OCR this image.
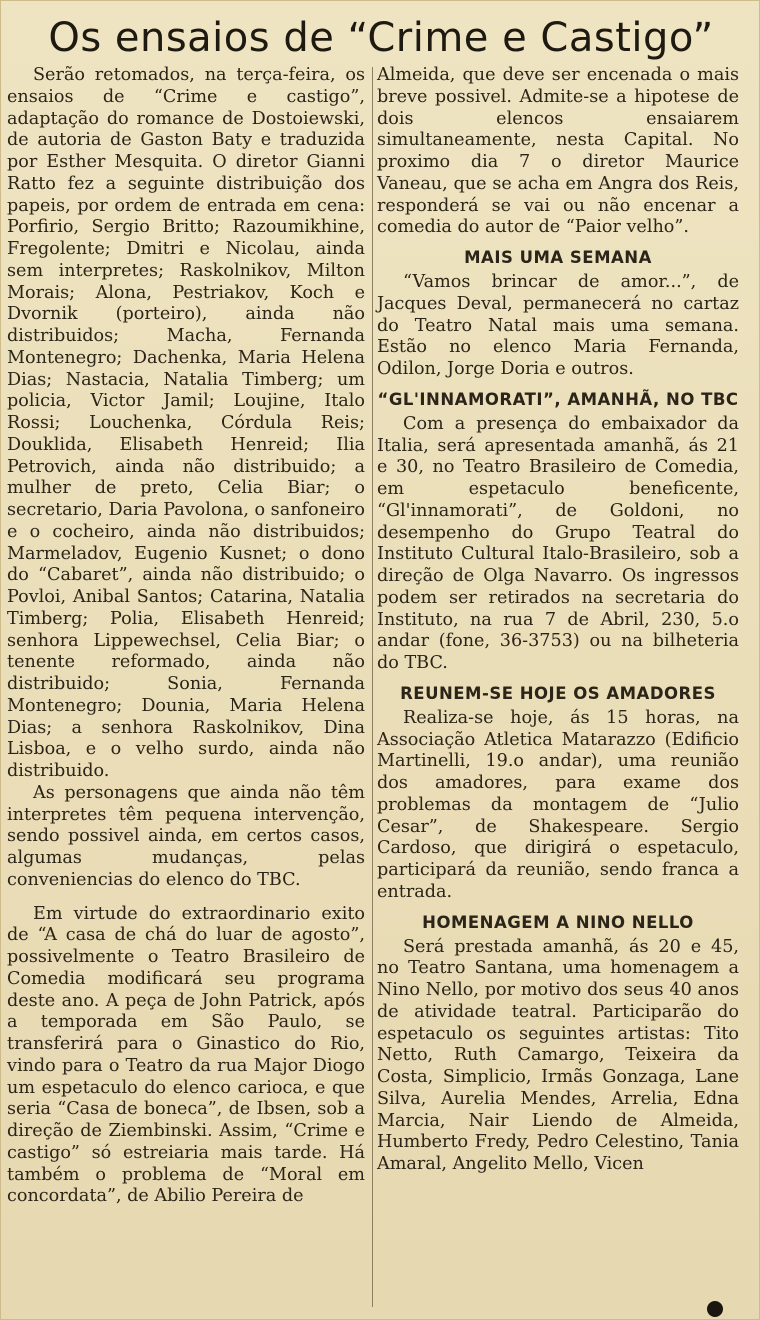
Os ensaios de “Crime e Castigo”

Serão retomados, na terça-feira, os ensaios de “Crime e castigo”, adaptação do romance de Dostoiewski, de autoria de Gaston Baty e traduzida por Esther Mesquita. O diretor Gianni Ratto fez a seguinte distribuição dos papeis, por ordem de entrada em cena: Porfirio, Sergio Britto; Razoumikhine, Fregolente; Dmitri e Nicolau, ainda sem interpretes; Raskolnikov, Milton Morais; Alona, Pestriakov, Koch e Dvornik (porteiro), ainda não distribuidos; Macha, Fernanda Montenegro; Dachenka, Maria Helena Dias; Nastacia, Natalia Timberg; um policia, Victor Jamil; Loujine, Italo Rossi; Louchenka, Córdula Reis; Douklida, Elisabeth Henreid; Ilia Petrovich, ainda não distribuido; a mulher de preto, Celia Biar; o secretario, Daria Pavolona, o sanfoneiro e o cocheiro, ainda não distribuidos; Marmeladov, Eugenio Kusnet; o dono do “Cabaret”, ainda não distribuido; o Povloi, Anibal Santos; Catarina, Natalia Timberg; Polia, Elisabeth Henreid; senhora Lippewechsel, Celia Biar; o tenente reformado, ainda não distribuido; Sonia, Fernanda Montenegro; Dounia, Maria Helena Dias; a senhora Raskolnikov, Dina Lisboa, e o velho surdo, ainda não distribuido.

As personagens que ainda não têm interpretes têm pequena intervenção, sendo possivel ainda, em certos casos, algumas mudanças, pelas conveniencias do elenco do TBC.

Em virtude do extraordinario exito de “A casa de chá do luar de agosto”, possivelmente o Teatro Brasileiro de Comedia modificará seu programa deste ano. A peça de John Patrick, após a temporada em São Paulo, se transferirá para o Ginastico do Rio, vindo para o Teatro da rua Major Diogo um espetaculo do elenco carioca, e que seria “Casa de boneca”, de Ibsen, sob a direção de Ziembinski. Assim, “Crime e castigo” só estreiaria mais tarde. Há também o problema de “Moral em concordata”, de Abilio Pereira de

Almeida, que deve ser encenada o mais breve possivel. Admite-se a hipotese de dois elencos ensaiarem simultaneamente, nesta Capital. No proximo dia 7 o diretor Maurice Vaneau, que se acha em Angra dos Reis, responderá se vai ou não encenar a comedia do autor de “Paior velho”.

MAIS UMA SEMANA

“Vamos brincar de amor...”, de Jacques Deval, permanecerá no cartaz do Teatro Natal mais uma semana. Estão no elenco Maria Fernanda, Odilon, Jorge Doria e outros.

“GL'INNAMORATI”, AMANHÃ, NO TBC

Com a presença do embaixador da Italia, será apresentada amanhã, ás 21 e 30, no Teatro Brasileiro de Comedia, em espetaculo beneficente, “Gl'innamorati”, de Goldoni, no desempenho do Grupo Teatral do Instituto Cultural Italo-Brasileiro, sob a direção de Olga Navarro. Os ingressos podem ser retirados na secretaria do Instituto, na rua 7 de Abril, 230, 5.o andar (fone, 36-3753) ou na bilheteria do TBC.

REUNEM-SE HOJE OS AMADORES

Realiza-se hoje, ás 15 horas, na Associação Atletica Matarazzo (Edificio Martinelli, 19.o andar), uma reunião dos amadores, para exame dos problemas da montagem de “Julio Cesar”, de Shakespeare. Sergio Cardoso, que dirigirá o espetaculo, participará da reunião, sendo franca a entrada.

HOMENAGEM A NINO NELLO

Será prestada amanhã, ás 20 e 45, no Teatro Santana, uma homenagem a Nino Nello, por motivo dos seus 40 anos de atividade teatral. Participarão do espetaculo os seguintes artistas: Tito Netto, Ruth Camargo, Teixeira da Costa, Simplicio, Irmãs Gonzaga, Lane Silva, Aurelia Mendes, Arrelia, Edna Marcia, Nair Liendo de Almeida, Humberto Fredy, Pedro Celestino, Tania Amaral, Angelito Mello, Vicen
